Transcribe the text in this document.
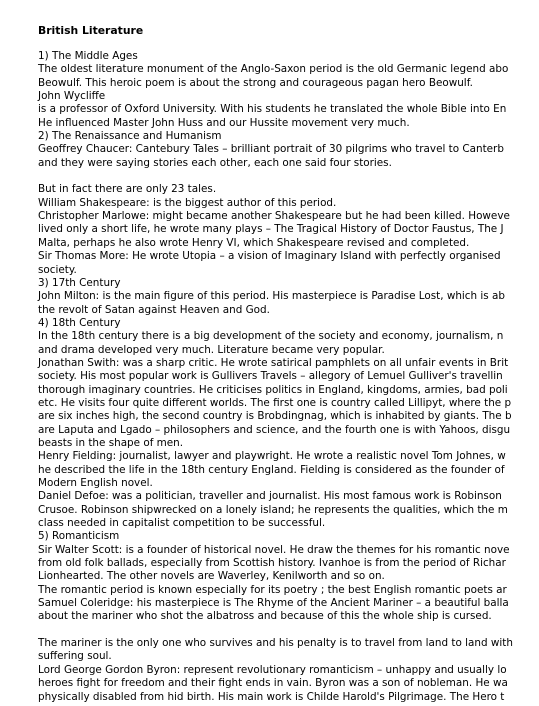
British Literature
1) The Middle Ages
The oldest literature monument of the Anglo-Saxon period is the old Germanic legend abo
Beowulf. This heroic poem is about the strong and courageous pagan hero Beowulf.
John Wycliffe
is a professor of Oxford University. With his students he translated the whole Bible into En
He influenced Master John Huss and our Hussite movement very much.
2) The Renaissance and Humanism
Geoffrey Chaucer: Cantebury Tales – brilliant portrait of 30 pilgrims who travel to Canterb
and they were saying stories each other, each one said four stories.
But in fact there are only 23 tales.
William Shakespeare: is the biggest author of this period.
Christopher Marlowe: might became another Shakespeare but he had been killed. Howeve
lived only a short life, he wrote many plays – The Tragical History of Doctor Faustus, The J
Malta, perhaps he also wrote Henry VI, which Shakespeare revised and completed.
Sir Thomas More: He wrote Utopia – a vision of Imaginary Island with perfectly organised
society.
3) 17th Century
John Milton: is the main figure of this period. His masterpiece is Paradise Lost, which is ab
the revolt of Satan against Heaven and God.
4) 18th Century
In the 18th century there is a big development of the society and economy, journalism, n
and drama developed very much. Literature became very popular.
Jonathan Swith: was a sharp critic. He wrote satirical pamphlets on all unfair events in Brit
society. His most popular work is Gullivers Travels – allegory of Lemuel Gulliver's travellin
thorough imaginary countries. He criticises politics in England, kingdoms, armies, bad poli
etc. He visits four quite different worlds. The first one is country called Lillipyt, where the p
are six inches high, the second country is Brobdingnag, which is inhabited by giants. The b
are Laputa and Lgado – philosophers and science, and the fourth one is with Yahoos, disgu
beasts in the shape of men.
Henry Fielding: journalist, lawyer and playwright. He wrote a realistic novel Tom Johnes, w
he described the life in the 18th century England. Fielding is considered as the founder of
Modern English novel.
Daniel Defoe: was a politician, traveller and journalist. His most famous work is Robinson
Crusoe. Robinson shipwrecked on a lonely island; he represents the qualities, which the m
class needed in capitalist competition to be successful.
5) Romanticism
Sir Walter Scott: is a founder of historical novel. He draw the themes for his romantic nove
from old folk ballads, especially from Scottish history. Ivanhoe is from the period of Richar
Lionhearted. The other novels are Waverley, Kenilworth and so on.
The romantic period is known especially for its poetry ; the best English romantic poets ar
Samuel Coleridge: his masterpiece is The Rhyme of the Ancient Mariner – a beautiful balla
about the mariner who shot the albatross and because of this the whole ship is cursed.
The mariner is the only one who survives and his penalty is to travel from land to land with
suffering soul.
Lord George Gordon Byron: represent revolutionary romanticism – unhappy and usually lo
heroes fight for freedom and their fight ends in vain. Byron was a son of nobleman. He wa
physically disabled from hid birth. His main work is Childe Harold's Pilgrimage. The Hero t
